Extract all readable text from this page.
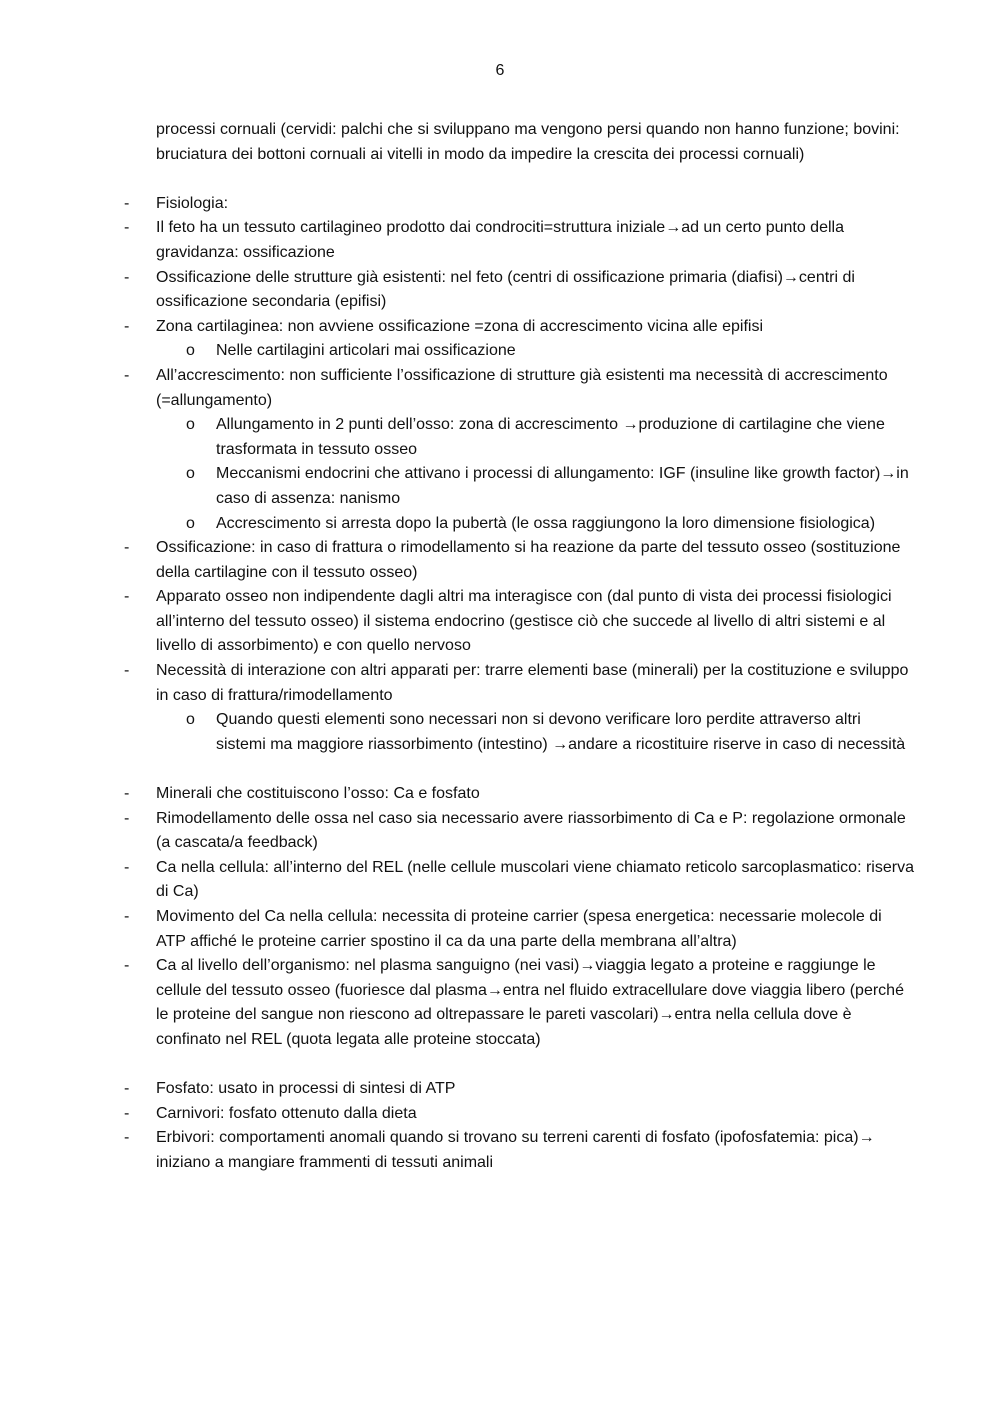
6

processi cornuali (cervidi: palchi che si sviluppano ma vengono persi quando non hanno funzione; bovini: bruciatura dei bottoni cornuali ai vitelli in modo da impedire la crescita dei processi cornuali)

- Fisiologia:
- Il feto ha un tessuto cartilagineo prodotto dai condrociti=struttura iniziale→ad un certo punto della gravidanza: ossificazione
- Ossificazione delle strutture già esistenti: nel feto (centri di ossificazione primaria (diafisi)→centri di ossificazione secondaria (epifisi)
- Zona cartilaginea: non avviene ossificazione =zona di accrescimento vicina alle epifisi
o Nelle cartilagini articolari mai ossificazione
- All’accrescimento: non sufficiente l’ossificazione di strutture già esistenti ma necessità di accrescimento (=allungamento)
o Allungamento in 2 punti dell’osso: zona di accrescimento →produzione di cartilagine che viene trasformata in tessuto osseo
o Meccanismi endocrini che attivano i processi di allungamento: IGF (insuline like growth factor)→in caso di assenza: nanismo
o Accrescimento si arresta dopo la pubertà (le ossa raggiungono la loro dimensione fisiologica)
- Ossificazione: in caso di frattura o rimodellamento si ha reazione da parte del tessuto osseo (sostituzione della cartilagine con il tessuto osseo)
- Apparato osseo non indipendente dagli altri ma interagisce con (dal punto di vista dei processi fisiologici all’interno del tessuto osseo) il sistema endocrino (gestisce ciò che succede al livello di altri sistemi e al livello di assorbimento) e con quello nervoso
- Necessità di interazione con altri apparati per: trarre elementi base (minerali) per la costituzione e sviluppo in caso di frattura/rimodellamento
o Quando questi elementi sono necessari non si devono verificare loro perdite attraverso altri sistemi ma maggiore riassorbimento (intestino) →andare a ricostituire riserve in caso di necessità
- Minerali che costituiscono l’osso: Ca e fosfato
- Rimodellamento delle ossa nel caso sia necessario avere riassorbimento di Ca e P: regolazione ormonale (a cascata/a feedback)
- Ca nella cellula: all’interno del REL (nelle cellule muscolari viene chiamato reticolo sarcoplasmatico: riserva di Ca)
- Movimento del Ca nella cellula: necessita di proteine carrier (spesa energetica: necessarie molecole di ATP affiché le proteine carrier spostino il ca da una parte della membrana all’altra)
- Ca al livello dell’organismo: nel plasma sanguigno (nei vasi)→viaggia legato a proteine e raggiunge le cellule del tessuto osseo (fuoriesce dal plasma→entra nel fluido extracellulare dove viaggia libero (perché le proteine del sangue non riescono ad oltrepassare le pareti vascolari)→entra nella cellula dove è confinato nel REL (quota legata alle proteine stoccata)
- Fosfato: usato in processi di sintesi di ATP
- Carnivori: fosfato ottenuto dalla dieta
- Erbivori: comportamenti anomali quando si trovano su terreni carenti di fosfato (ipofosfatemia: pica)→ iniziano a mangiare frammenti di tessuti animali
